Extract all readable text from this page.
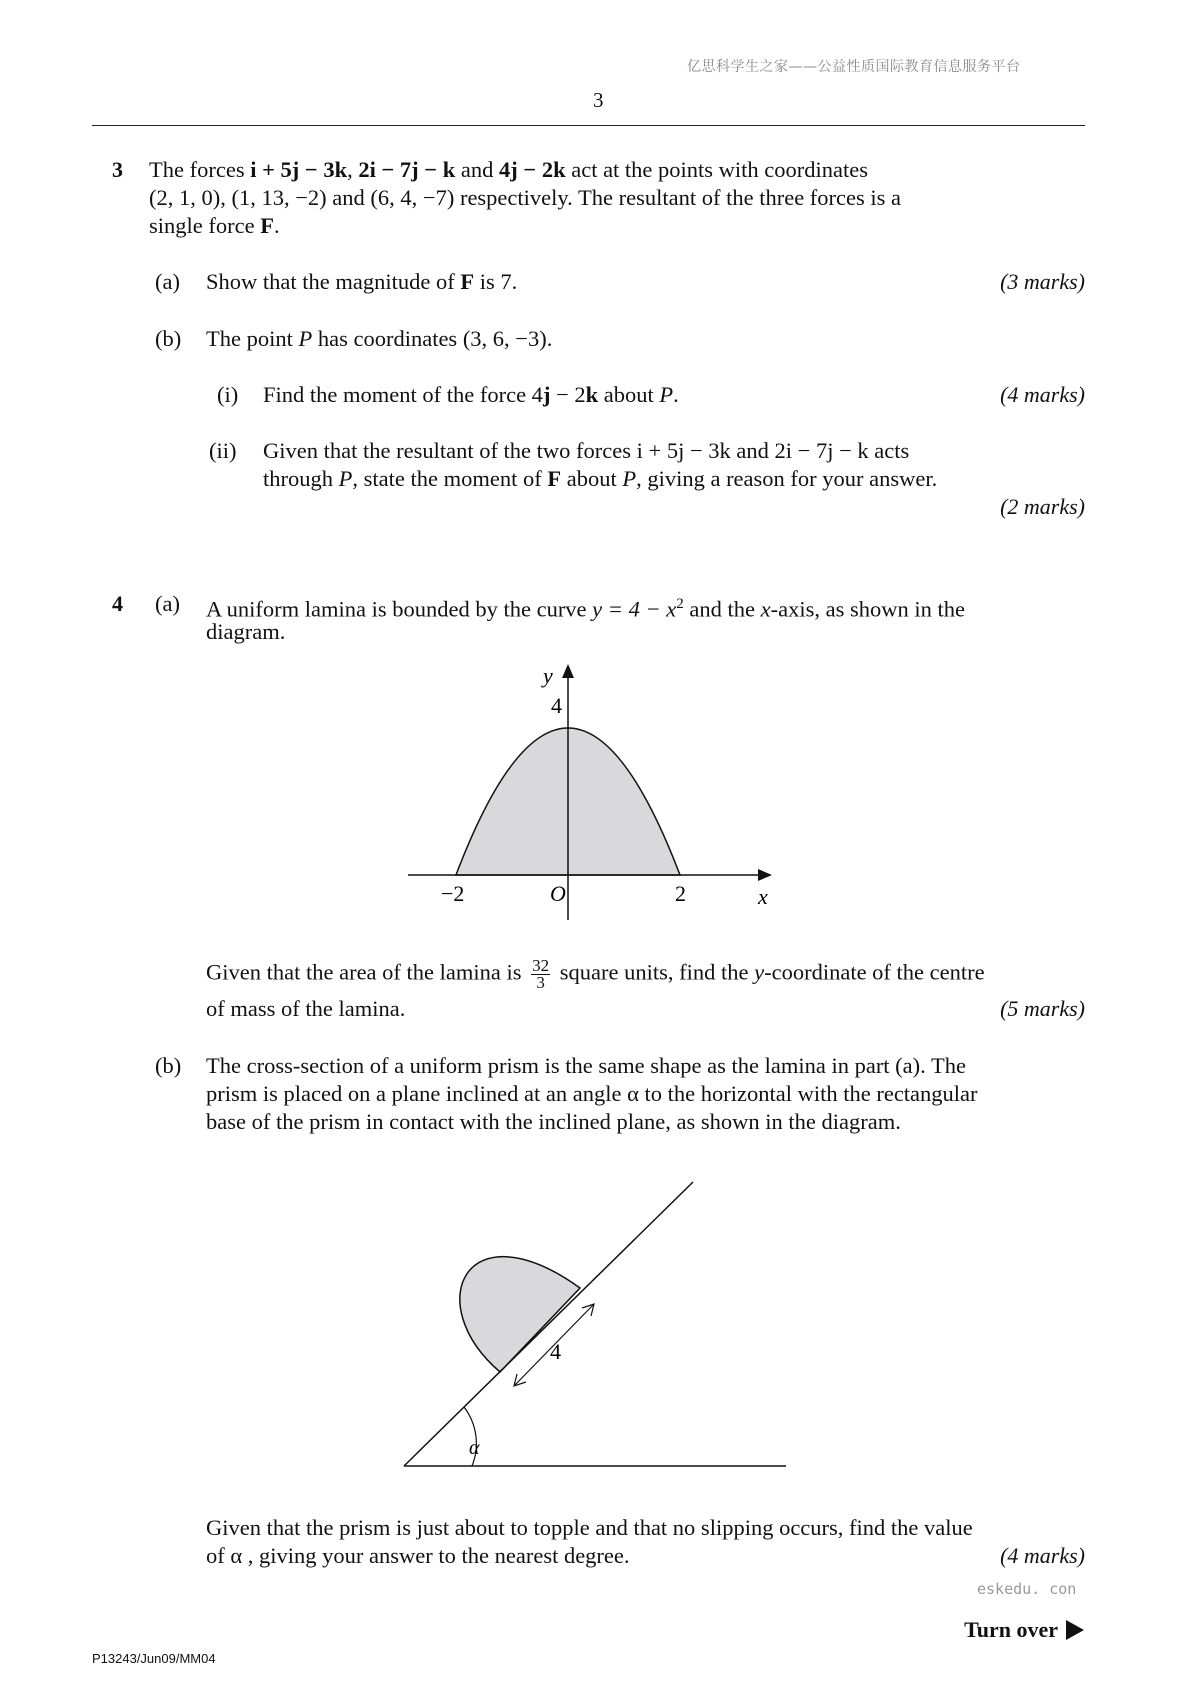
亿思科学生之家——公益性质国际教育信息服务平台
3
3 The forces i + 5j − 3k, 2i − 7j − k and 4j − 2k act at the points with coordinates
(2, 1, 0), (1, 13, −2) and (6, 4, −7) respectively. The resultant of the three forces is a
single force F.
(a) Show that the magnitude of F is 7.	(3 marks)
(b) The point P has coordinates (3, 6, −3).
(i) Find the moment of the force 4j − 2k about P.	(4 marks)
(ii) Given that the resultant of the two forces i + 5j − 3k and 2i − 7j − k acts
through P, state the moment of F about P, giving a reason for your answer.
(2 marks)
4 (a) A uniform lamina is bounded by the curve $y = 4 - x^2$ and the x-axis, as shown in the
diagram.
y
4
−2	O	2	x
Given that the area of the lamina is $\frac{32}{3}$ square units, find the y-coordinate of the centre
of mass of the lamina.	(5 marks)
(b) The cross-section of a uniform prism is the same shape as the lamina in part (a). The
prism is placed on a plane inclined at an angle α to the horizontal with the rectangular
base of the prism in contact with the inclined plane, as shown in the diagram.
4
α
Given that the prism is just about to topple and that no slipping occurs, find the value
of α , giving your answer to the nearest degree.	(4 marks)
eskedu. con
Turn over
P13243/Jun09/MM04
